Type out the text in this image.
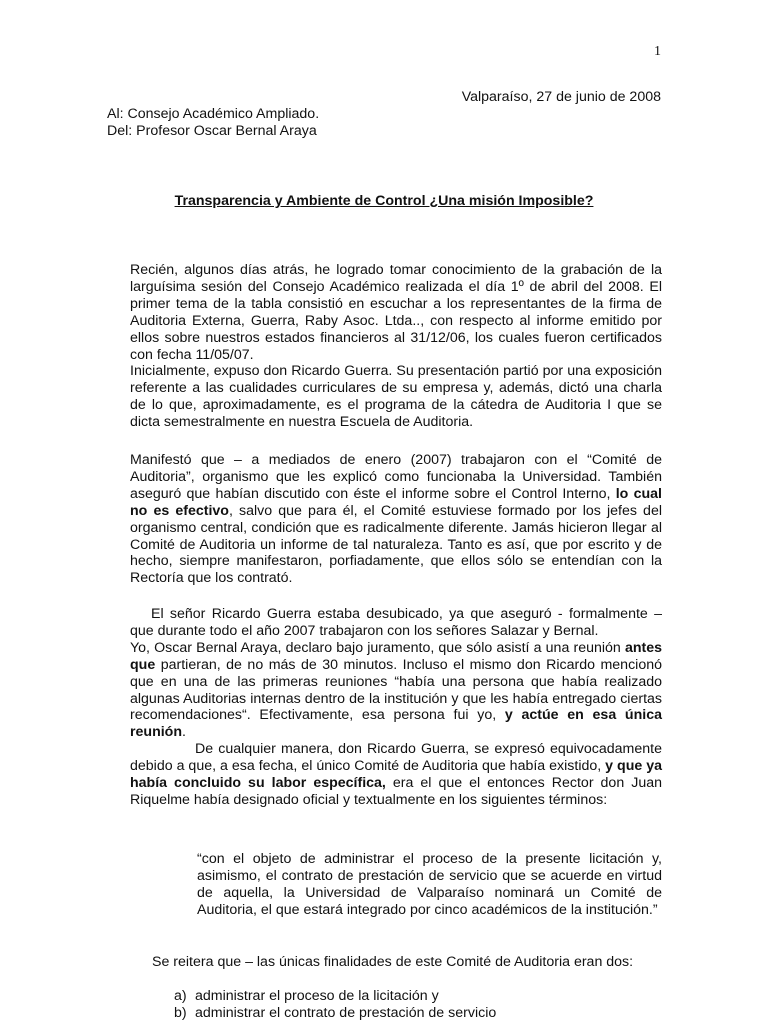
1
Valparaíso, 27 de junio de 2008
Al: Consejo Académico Ampliado.
Del: Profesor Oscar Bernal Araya
Transparencia y Ambiente de Control ¿Una misión Imposible?

Recién, algunos días atrás, he logrado tomar conocimiento de la grabación de la larguísima sesión del Consejo Académico realizada el día 1º de abril del 2008. El primer tema de la tabla consistió en escuchar a los representantes de la firma de Auditoria Externa, Guerra, Raby Asoc. Ltda.., con respecto al informe emitido por ellos sobre nuestros estados financieros al 31/12/06, los cuales fueron certificados con fecha 11/05/07.

Inicialmente, expuso don Ricardo Guerra. Su presentación partió por una exposición referente a las cualidades curriculares de su empresa y, además, dictó una charla de lo que, aproximadamente, es el programa de la cátedra de Auditoria I que se dicta semestralmente en nuestra Escuela de Auditoria.

Manifestó que – a mediados de enero (2007) trabajaron con el “Comité de Auditoria”, organismo que les explicó como funcionaba la Universidad. También aseguró que habían discutido con éste el informe sobre el Control Interno, lo cual no es efectivo, salvo que para él, el Comité estuviese formado por los jefes del organismo central, condición que es radicalmente diferente. Jamás hicieron llegar al Comité de Auditoria un informe de tal naturaleza. Tanto es así, que por escrito y de hecho, siempre manifestaron, porfiadamente, que ellos sólo se entendían con la Rectoría que los contrató.

El señor Ricardo Guerra estaba desubicado, ya que aseguró - formalmente – que durante todo el año 2007 trabajaron con los señores Salazar y Bernal.

Yo, Oscar Bernal Araya, declaro bajo juramento, que sólo asistí a una reunión antes que partieran, de no más de 30 minutos. Incluso el mismo don Ricardo mencionó que en una de las primeras reuniones “había una persona que había realizado algunas Auditorias internas dentro de la institución y que les había entregado ciertas recomendaciones“. Efectivamente, esa persona fui yo, y actúe en esa única reunión.

De cualquier manera, don Ricardo Guerra, se expresó equivocadamente debido a que, a esa fecha, el único Comité de Auditoria que había existido, y que ya había concluido su labor específica, era el que el entonces Rector don Juan Riquelme había designado oficial y textualmente en los siguientes términos:

“con el objeto de administrar el proceso de la presente licitación y, asimismo, el contrato de prestación de servicio que se acuerde en virtud de aquella, la Universidad de Valparaíso nominará un Comité de Auditoria, el que estará integrado por cinco académicos de la institución.”
Se reitera que – las únicas finalidades de este Comité de Auditoria eran dos:
a) administrar el proceso de la licitación y
b) administrar el contrato de prestación de servicio
